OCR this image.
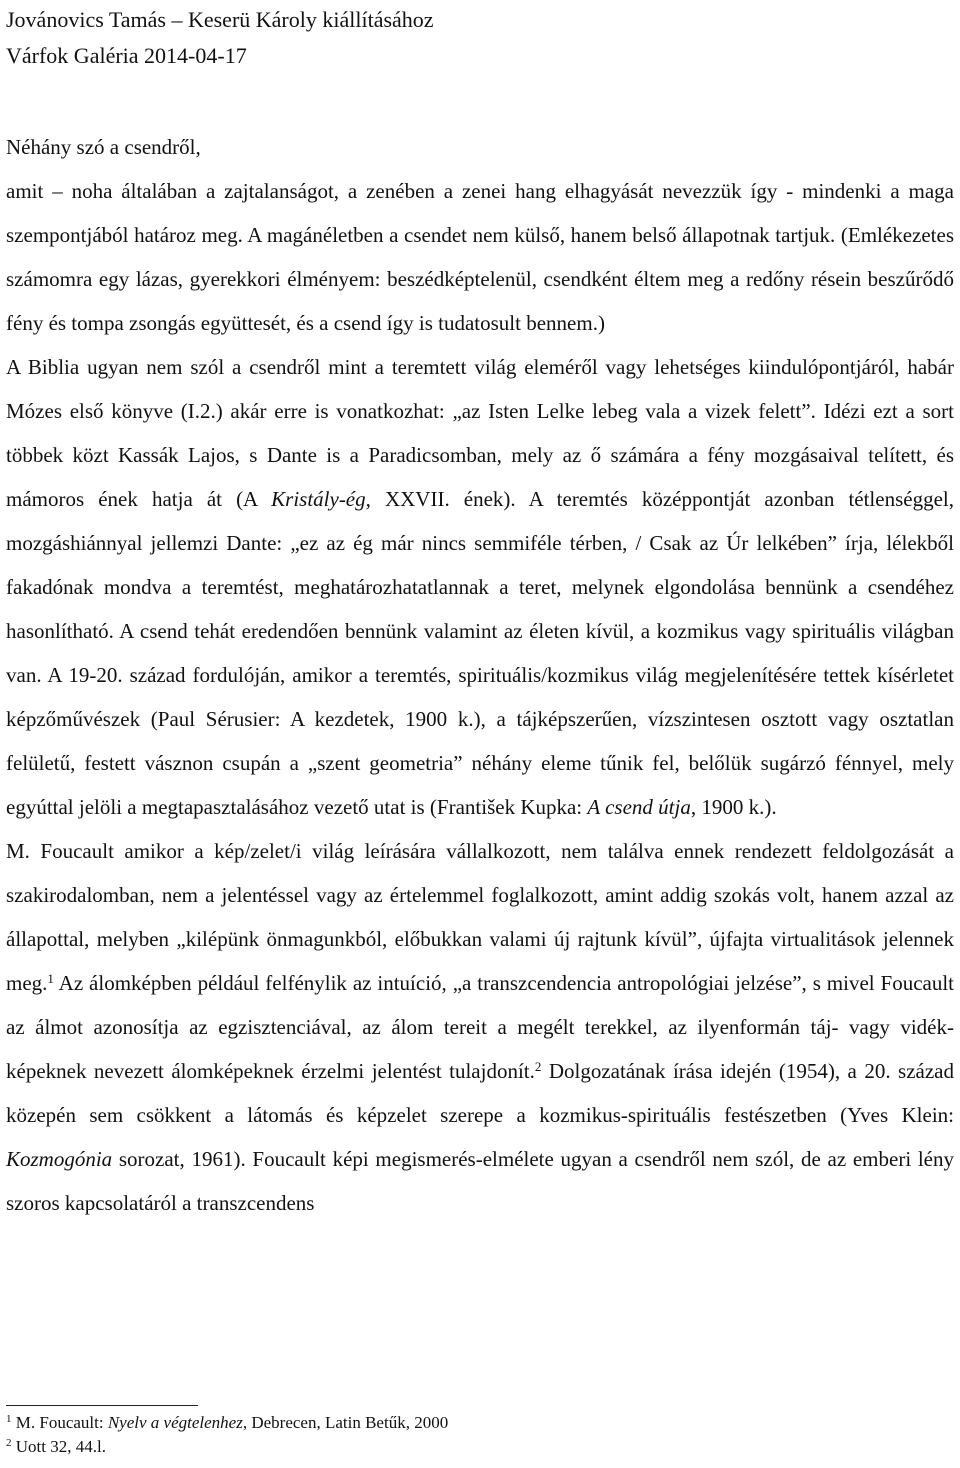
Jovánovics Tamás – Keserü Károly kiállításához
Várfok Galéria 2014-04-17

Néhány szó a csendről,

amit – noha általában a zajtalanságot, a zenében a zenei hang elhagyását nevezzük így - mindenki a maga szempontjából határoz meg. A magánéletben a csendet nem külső, hanem belső állapotnak tartjuk. (Emlékezetes számomra egy lázas, gyerekkori élményem: beszédképtelenül, csendként éltem meg a redőny résein beszűrődő fény és tompa zsongás együttesét, és a csend így is tudatosult bennem.)

A Biblia ugyan nem szól a csendről mint a teremtett világ eleméről vagy lehetséges kiindulópontjáról, habár Mózes első könyve (I.2.) akár erre is vonatkozhat: „az Isten Lelke lebeg vala a vizek felett”. Idézi ezt a sort többek közt Kassák Lajos, s Dante is a Paradicsomban, mely az ő számára a fény mozgásaival telített, és mámoros ének hatja át (A Kristály-ég, XXVII. ének). A teremtés középpontját azonban tétlenséggel, mozgáshiánnyal jellemzi Dante: „ez az ég már nincs semmiféle térben, / Csak az Úr lelkében” írja, lélekből fakadónak mondva a teremtést, meghatározhatatlannak a teret, melynek elgondolása bennünk a csendéhez hasonlítható. A csend tehát eredendően bennünk valamint az életen kívül, a kozmikus vagy spirituális világban van. A 19-20. század fordulóján, amikor a teremtés, spirituális/kozmikus világ megjelenítésére tettek kísérletet képzőművészek (Paul Sérusier: A kezdetek, 1900 k.), a tájképszerűen, vízszintesen osztott vagy osztatlan felületű, festett vásznon csupán a „szent geometria” néhány eleme tűnik fel, belőlük sugárzó fénnyel, mely egyúttal jelöli a megtapasztalásához vezető utat is (František Kupka: A csend útja, 1900 k.).

M. Foucault amikor a kép/zelet/i világ leírására vállalkozott, nem találva ennek rendezett feldolgozását a szakirodalomban, nem a jelentéssel vagy az értelemmel foglalkozott, amint addig szokás volt, hanem azzal az állapottal, melyben „kilépünk önmagunkból, előbukkan valami új rajtunk kívül”, újfajta virtualitások jelennek meg.$^1$ Az álomképben például felfénylik az intuíció, „a transzcendencia antropológiai jelzése”, s mivel Foucault az álmot azonosítja az egzisztenciával, az álom tereit a megélt terekkel, az ilyenformán táj- vagy vidék-képeknek nevezett álomképeknek érzelmi jelentést tulajdonít.$^2$ Dolgozatának írása idején (1954), a 20. század közepén sem csökkent a látomás és képzelet szerepe a kozmikus-spirituális festészetben (Yves Klein: Kozmogónia sorozat, 1961). Foucault képi megismerés-elmélete ugyan a csendről nem szól, de az emberi lény szoros kapcsolatáról a transzcendens

$^1$ M. Foucault: Nyelv a végtelenhez, Debrecen, Latin Betűk, 2000

$^2$ Uott 32, 44.l.
